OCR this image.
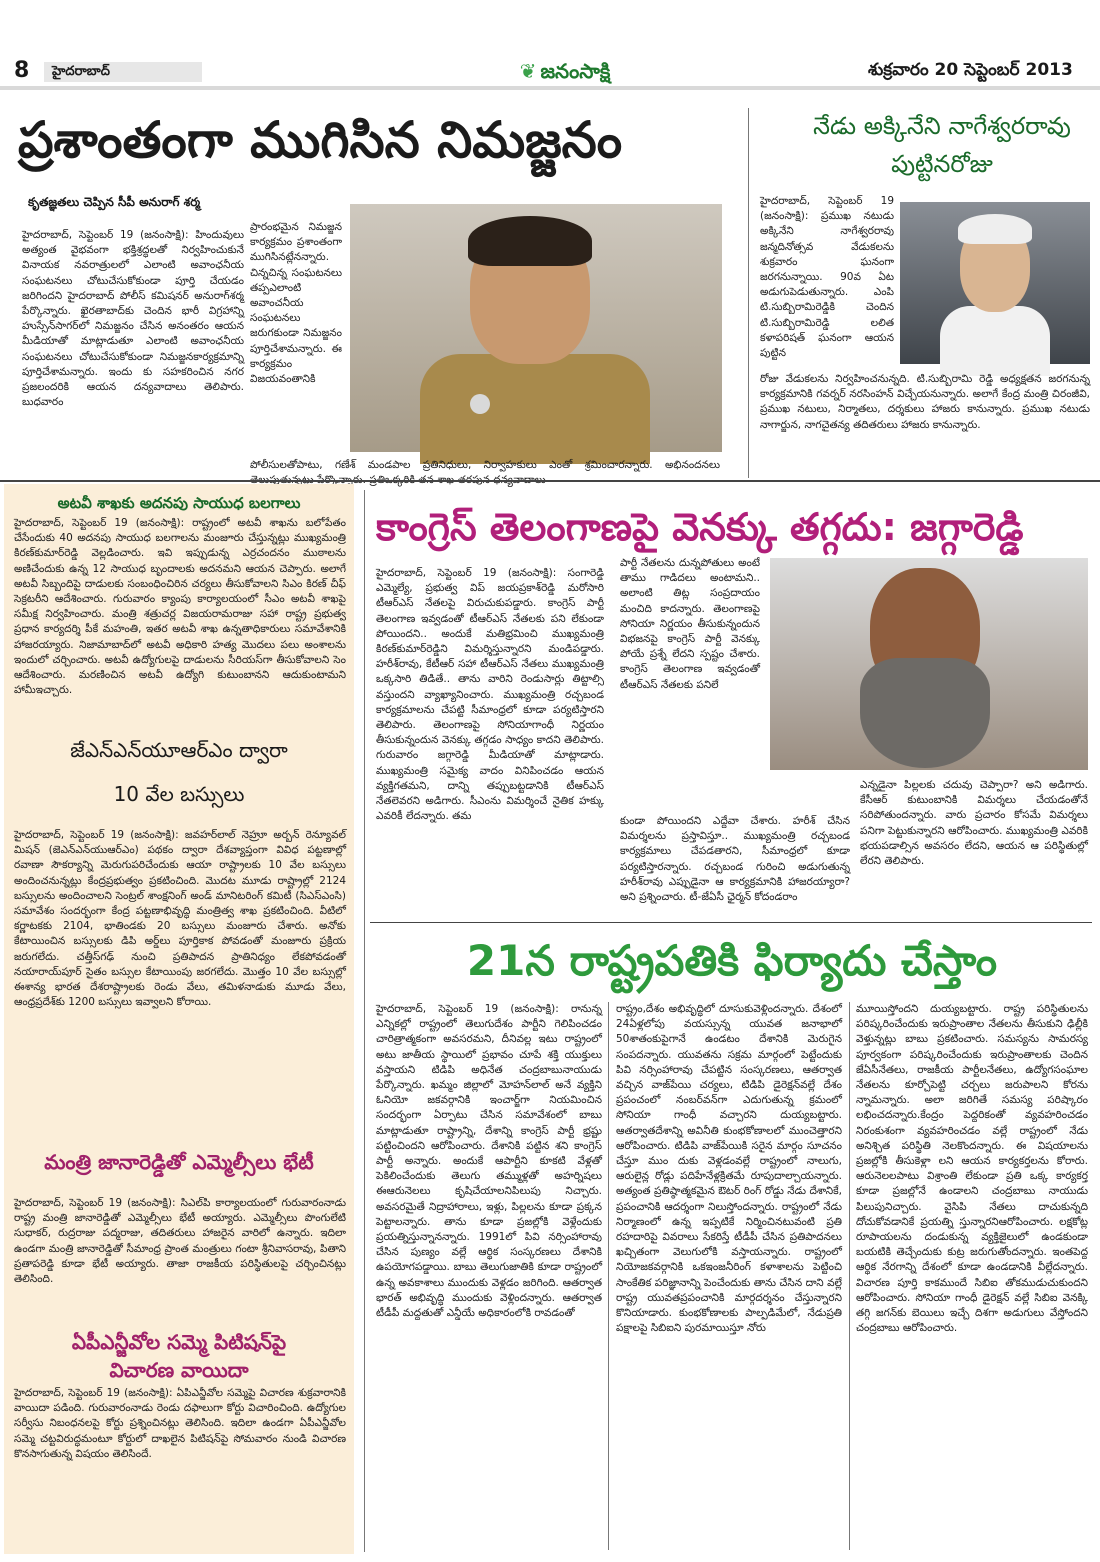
8	హైదరాబాద్	❦ జనంసాక్షి	శుక్రవారం 20 సెప్టెంబర్ 2013
ప్రశాంతంగా ముగిసిన నిమజ్జనం
కృతజ్ఞతలు చెప్పిన సీపీ అనురాగ్ శర్మ
హైదరాబాద్, సెప్టెంబర్ 19 (జనంసాక్షి): హిందువులు అత్యంత వైభవంగా భక్తిశ్రద్ధలతో నిర్వహించుకునే వినాయక నవరాత్రులలో ఎలాంటి అవాంఛనీయ సంఘటనలు చోటుచేసుకోకుండా పూర్తి చేయడం జరిగిందని హైదరాబాద్ పోలీస్ కమిషనర్ అనురాగ్‌శర్మ పేర్కొన్నారు. ఖైరతాబాద్‌కు చెందిన భారీ విగ్రహాన్ని హుస్సేన్‌సాగర్‌లో నిమజ్జనం చేసిన అనంతరం ఆయన మీడియాతో మాట్లాడుతూ ఎలాంటి అవాంఛనీయ సంఘటనలు చోటుచేసుకోకుండా నిమజ్జనకార్యక్రమాన్ని పూర్తిచేశామన్నారు. ఇందు కు సహకరించిన నగర ప్రజలందరికి ఆయన దన్యవాదాలు తెలిపారు. బుధవారం
ప్రారంభమైన నిమజ్జన కార్యక్రమం ప్రశాంతంగా ముగిసినట్లేనన్నారు. చిన్నచిన్న సంఘటనలు తప్పఎలాంటి అవాంచనీయ సంఘటనలు జరుగకుండా నిమజ్జనం పూర్తిచేశామన్నారు. ఈ కార్యక్రమం విజయవంతానికి
పోలీసులతోపాటు, గణేశ్ మండపాల ప్రతినిధులు, నిర్వాహకులు ఎంతో శ్రమించారన్నారు. అభినందనలు
నేడు అక్కినేని నాగేశ్వరరావు
పుట్టినరోజు
హైదరాబాద్, సెప్టెంబర్ 19 (జనంసాక్షి): ప్రముఖ నటుడు అక్కినేని నాగేశ్వరరావు జన్మదినోత్సవ వేడుకలను శుక్రవారం ఘనంగా జరగనున్నాయి. 90వ ఏట అడుగుపెడుతున్నారు. ఎంపి టి.సుబ్బిరామిరెడ్డికి చెందిన టి.సుబ్బిరామిరెడ్డి లలిత కళాపరిషత్ ఘనంగా ఆయన పుట్టిన
రోజు వేడుకలను నిర్వహించనున్నది. టి.సుబ్బిరామి రెడ్డి అధ్యక్షతన జరగనున్న కార్యక్రమానికి గవర్నర్ నరసింహన్ విచ్చేయనున్నారు. అలాగే కేంద్ర మంత్రి చిరంజీవి, ప్రముఖ నటులు, నిర్మాతలు, దర్శకులు హాజరు కానున్నారు. ప్రముఖ నటుడు నాగార్జున, నాగచైతన్య తదితరులు హాజరు కానున్నారు.
అటవీ శాఖకు అదనపు సాయుధ బలగాలు
హైదరాబాద్, సెప్టెంబర్ 19 (జనంసాక్షి): రాష్ట్రంలో అటవీ శాఖను బలోపేతం చేసేందుకు 40 అదనపు సాయుధ బలగాలను మంజూరు చేస్తున్నట్లు ముఖ్యమంత్రి కిరణ్‌కుమార్‌రెడ్డి వెల్లడించారు. ఇవి ఇప్పుడున్న ఎర్రచందనం ముఠాలను అణిచేందుకు ఉన్న 12 సాయుధ బృందాలకు అదనమని ఆయన చెప్పారు. అలాగే అటవీ సిబ్బందిపై దాడులకు సంబంధించిరిన చర్యలు తీసుకోవాలని సిఎం కిరణ్ చీఫ్ సెక్రటరీని ఆదేశించారు. గురువారం క్యాంపు కార్యాలయంలో సీఎం అటవీ శాఖపై సమీక్ష నిర్వహించారు. మంత్రి శత్రుచర్ల విజయరామరాజు సహా రాష్ట్ర ప్రభుత్వ ప్రధాన కార్యదర్శి పీకే మహంతి, ఇతర అటవీ శాఖ ఉన్నతాధికారులు సమావేశానికి హాజరయ్యారు. నిజామాబాద్‌లో అటవీ అధికారి హత్య మొదలు పలు అంశాలను ఇందులో చర్చించారు. అటవీ ఉద్యోగులపై దాడులను సీరియస్‌గా తీసుకోవాలని సెం ఆదేశించారు. మరణించిన అటవీ ఉద్యోగి కుటుంబానని ఆదుకుంటామని హామీఇచ్చారు.
జేఎన్ఎన్‌యూఆర్ఎం ద్వారా
10 వేల బస్సులు
హైదరాబాద్, సెప్టెంబర్ 19 (జనంసాక్షి): జవహర్‌లాల్ నెహ్రూ అర్బన్ రెన్యూవల్ మిషన్ (జెఎన్ఎన్‌యుఆర్ఎం) పథకం ద్వారా దేశవ్యాప్తంగా వివిధ పట్టణాల్లో రవాణా సౌకర్యాన్ని మెరుగుపరిచేందుకు ఆయా రాష్ట్రాలకు 10 వేల బస్సులు అందించనున్నట్లు కేంద్రప్రభుత్వం ప్రకటించింది. మొదట మూడు రాష్ట్రాల్లో 2124 బస్సులను అందించాలని సెంట్రల్ శాంక్షనింగ్ అండ్ మానిటరింగ్ కమిటీ (సిఎస్ఎంసి) సమావేశం సందర్భంగా కేంద్ర పట్టణాభివృద్ధి మంత్రిత్వ శాఖ ప్రకటించింది. వీటిలో కర్ణాటకకు 2104, భాతిండకు 20 బస్సులు మంజూరు చేశారు. అనోకు కేటాయించిన బస్సులకు డిపి అర్డ్‌లు పూర్తికాక పోవడంతో మంజూరు ప్రక్రియ జరుగలేదు. చత్తీస్‌గఢ్ నుంచి ప్రతిపాదన ప్రాతినిధ్యం లేకపోవడంతో నయారాయ్‌పూర్ సైతం బస్సుల కేటాయింపు జరగలేదు. మొత్తం 10 వేల బస్సుల్లో ఈశాన్య భారత దేశరాష్ట్రాలకు రెండు వేలు, తమిళనాడుకు మూడు వేలు, ఆంధ్రప్రదేశ్‌కు 1200 బస్సులు ఇవ్వాలని కోరాయి.
మంత్రి జానారెడ్డితో ఎమ్మెల్సీలు భేటీ
హైదరాబాద్, సెప్టెంబర్ 19 (జనంసాక్షి): సిఎల్‌పి కార్యాలయంలో గురువారంనాడు రాష్ట్ర మంత్రి జానారెడ్డితో ఎమ్మెల్సీలు భేటీ అయ్యారు. ఎమ్మెల్సీలు పొంగులేటి సుధాకర్, రుద్రరాజు పద్మరాజు, తదితరులు హాజరైన వారిలో ఉన్నారు. ఇదిలా ఉండగా మంత్రి జానారెడ్డితో సీమాంధ్ర ప్రాంత మంత్రులు గంటా శ్రీనివాసరావు, పితాని ప్రతాపరెడ్డి కూడా భేటీ అయ్యారు. తాజా రాజకీయ పరిస్థితులపై చర్చించినట్లు తెలిసింది.
ఏపీఎన్జీవోల సమ్మె పిటిషన్‌పై
విచారణ వాయిదా
హైదరాబాద్, సెప్టెంబర్ 19 (జనంసాక్షి): ఏపిఎన్జీవోల సమ్మెపై విచారణ శుక్రవారానికి వాయిదా పడింది. గురువారంనాడు రెండు దఫాలుగా కోర్టు విచారించింది. ఉద్యోగుల సర్వీసు నిబంధనలపై కోర్టు ప్రశ్నించినట్లు తెలిసింది. ఇదిలా ఉండగా ఏపీఎన్జీవోల సమ్మె చట్టవిరుద్ధమంటూ కోర్టులో దాఖలైన పిటిషన్‌పై సోమవారం నుండి విచారణ కొనసాగుతున్న విషయం తెలిసిందే.
కాంగ్రెస్ తెలంగాణపై వెనక్కు తగ్గదు: జగ్గారెడ్డి
హైదరాబాద్, సెప్టెంబర్ 19 (జనంసాక్షి): సంగారెడ్డి ఎమ్మెల్యే, ప్రభుత్వ విప్ జయప్రకాశ్‌రెడ్డి మరోసారి టీఆర్ఎస్ నేతలపై విరుచుకుపడ్డారు. కాంగ్రెస్ పార్టీ తెలంగాణ ఇవ్వడంతో టీఆర్ఎస్ నేతలకు పని లేకుండా పోయిందని.. అందుకే మతిభ్రమించి ముఖ్యమంత్రి కిరణ్‌కుమార్‌రెడ్డిని విమర్శిస్తున్నారని మండిపడ్డారు. హరీశ్‌రావు, కేటీఆర్ సహా టీఆర్ఎస్ నేతలు ముఖ్యమంత్రి ఒక్కసారి తిడితే.. తాను వారిని రెండుసార్లు తిట్టాల్సి వస్తుందని వ్యాఖ్యానించారు. ముఖ్యమంత్రి రచ్చబండ కార్యక్రమాలను చేపట్టి సీమాంధ్రలో కూడా పర్యటిస్తారని తెలిపారు. తెలంగాణపై సోనియాగాంధీ నిర్ణయం తీసుకున్నందున వెనక్కు తగ్గడం సాధ్యం కాదని తెలిపారు. గురువారం జగ్గారెడ్డి మీడియాతో మాట్లాడారు. ముఖ్యమంత్రి సమైక్య వాదం వినిపించడం ఆయన వ్యక్తిగతమని, దాన్ని తప్పుబట్టడానికి టీఆర్ఎస్ నేతలెవరని అడిగారు. సీఎంను విమర్శించే నైతిక హక్కు ఎవరికీ లేదన్నారు. తమ
పార్టీ నేతలను దున్నపోతులు అంటే తాము గాడిదలు అంటామని.. అలాంటి తిట్ల సంప్రదాయం మంచిది కాదన్నారు. తెలంగాణపై సోనియా నిర్ణయం తీసుకున్నందున విభజనపై కాంగ్రెస్ పార్టీ వెనక్కు పోయే ప్రశ్నే లేదని స్పష్టం చేశారు. కాంగ్రెస్ తెలంగాణ ఇవ్వడంతో టీఆర్ఎస్ నేతలకు పనిలే
కుండా పోయిందని ఎద్దేవా చేశారు. హరీశ్ చేసిన విమర్శలను ప్రస్తావిస్తూ.. ముఖ్యమంత్రి రచ్చబండ కార్యక్రమాలు చేపడతారని, సీమాంధ్రలో కూడా పర్యటిస్తారన్నారు. రచ్చబండ గురించి అడుగుతున్న హరీశ్‌రావు ఎప్పుడైనా ఆ కార్యక్రమానికి హాజరయ్యారా? అని ప్రశ్నించారు. టీ-జేఏసీ ఛైర్మన్ కోదండరాం
ఎన్నడైనా పిల్లలకు చదువు చెప్పారా? అని అడిగారు. కేసీఆర్ కుటుంబానికి విమర్శలు చేయడంతోనే సరిపోతుందన్నారు. వారు ప్రచారం కోసమే విమర్శలు పనిగా పెట్టుకున్నారని ఆరోపించారు. ముఖ్యమంత్రి ఎవరికి భయపడాల్సిన అవసరం లేదని, ఆయన ఆ పరిస్థితుల్లో లేరని తెలిపారు.
21న రాష్ట్రపతికి ఫిర్యాదు చేస్తాం
హైదరాబాద్, సెప్టెంబర్ 19 (జనంసాక్షి): రానున్న ఎన్నికల్లో రాష్ట్రంలో తెలుగుదేశం పార్టీని గెలిపించడం చారిత్రాత్మకంగా అవసరమని, దీనివల్ల ఇటు రాష్ట్రంలో అటు జాతీయ స్థాయిలో ప్రభావం చూపే శక్తి యుక్తులు వస్తాయని టిడిపి అధినేత చంద్రబాబునాయుడు పేర్కొన్నారు. ఖమ్మం జిల్లాలో మోహన్‌లాల్ అనే వ్యక్తిని ఓనియో జకవర్గానికి ఇంచార్జ్‌గా నియమించిన సందర్భంగా ఏర్పాటు చేసిన సమావేశంలో బాబు మాట్లాడుతూ రాష్ట్రాన్ని, దేశాన్ని కాంగ్రెస్ పార్టీ భ్రష్టు పట్టించిందని ఆరోపించారు. దేశానికి పట్టిన శని కాంగ్రెస్ పార్టీ అన్నారు. అందుకే ఆపార్టీని కూకటి వేళ్లతో పెకిలించేందుకు తెలుగు తమ్ముళ్లతో అహర్నిషలు ఈఆరునెలలు కృషిచేయాలనిపిలుపు నిచ్చారు. అవసరమైతే నిద్రాహారాలు, ఇళ్లు, పిల్లలను కూడా ప్రక్కన పెట్టాలన్నారు. తాను కూడా ప్రజల్లోకి వెళ్లేందుకు ప్రయత్నిస్తున్నానన్నారు. 1991లో పివి నర్సింహారావు చేసిన పుణ్యం వల్లే ఆర్థిక సంస్కరణలు దేశానికి ఉపయోగపడ్డాయి. బాబు తెలుగుజాతికి కూడా రాష్ట్రంలో ఉన్న అవకాశాలు ముందుకు వెళ్లడం జరిగింది. ఆతర్వాత భారత్ అభివృద్ధి ముందుకు వెళ్లిందన్నారు. ఆతర్వాత టీడీపీ మద్దతుతో ఎన్డీయే అధికారంలోకి రావడంతో
రాష్ట్రం,దేశం అభివృద్ధిలో దూసుకువెళ్లిందన్నారు. దేశంలో 24ఏళ్లలోపు వయస్సున్న యువత జనాభాలో 50శాతంకుపైగానే ఉండటం దేశానికి మెరుగైన సంపదన్నారు. యువతను సక్రమ మార్గంలో పెట్టేందుకు పివి నర్సింహారావు చేపట్టిన సంస్కరణలు, ఆతర్వాత వచ్చిన వాజ్‌పేయి చర్యలు, టిడిపి డైరెక్షన్‌వల్లే దేశం ప్రపంచంలో నంబర్‌వన్‌గా ఎదుగుతున్న క్రమంలో సోనియా గాంధీ వచ్చారని దుయ్యబట్టారు. ఆతర్వాతదేశాన్ని అవినీతి కుంభకోణాలలో ముంచెత్తారని ఆరోపించారు. టిడిపి వాజ్‌పేయికి సరైన మార్గం సూచనం చేస్తూ ముం దుకు వెళ్లడంవల్లే రాష్ట్రంలో నాలుగు, ఆరులైన్ల రోడ్లు పదిహేనేళ్లక్రితమే రూపుదాల్చాయన్నారు. అత్యంత ప్రతిష్ఠాత్మకమైన ఔటర్ రింగ్ రోడ్డు నేడు దేశానికే, ప్రపంచానికి ఆదర్శంగా నిలుస్తోందన్నారు. రాష్ట్రంలో నేడు నిర్మాణంలో ఉన్న ఇప్పటికే నిర్మించినటువంటి ప్రతి రహదారిపై వివరాలు సేకరిస్తే టీడీపీ చేసిన ప్రతిపాదనలు ఖచ్చితంగా వెలుగులోకి వస్తాయన్నారు. రాష్ట్రంలో నియోజకవర్గానికి ఒకఇంజనీరింగ్ కళాశాలను పెట్టించి సాంకేతిక పరిజ్ఞానాన్ని పెంచేందుకు తాను చేసిన దాని వల్లే రాష్ట్ర యువతప్రపంచానికి మార్గదర్శనం చేస్తున్నారని కొనియాడారు. కుంభకోణాలకు పాల్పడిమేలో, నేడుప్రతి పక్షాలపై సిబిఐని పురమాయిస్తూ నోరు
మూయిస్తోందని దుయ్యబట్టారు. రాష్ట్ర పరిస్థితులను పరిష్కరించేందుకు ఇరుప్రాంతాల నేతలను తీసుకుని ఢిల్లీకి వెళ్తున్నట్లు బాబు ప్రకటించారు. సమస్యను సామరస్య పూర్వకంగా పరిష్కరించేందుకు ఇరుప్రాంతాలకు చెందిన జేఏసీనేతలు, రాజకీయ పార్టీలనేతలు, ఉద్యోగసంఘాల నేతలను కూర్చోపెట్టి చర్చలు జరుపాలని కోరను న్నామన్నారు. అలా జరిగితే సమస్య పరిష్కారం లభించదన్నారు.కేంద్రం పెద్దరికంతో వ్యవహరించడం నిరంకుశంగా వ్యవహరించడం వల్లే రాష్ట్రంలో నేడు అనిశ్చిత పరిస్థితి నెలకొందన్నారు. ఈ విషయాలను ప్రజల్లోకి తీసుకెళ్లా లని ఆయన కార్యకర్తలను కోరారు. ఆరునెలలపాటు విశ్రాంతి లేకుండా ప్రతి ఒక్క కార్యకర్త కూడా ప్రజల్లోనే ఉండాలని చంద్రబాబు నాయుడు పిలుపునిచ్చారు. వైసిపి నేతలు దాచుకున్నది దోచుకోవడానికే ప్రయత్ని స్తున్నారనిఆరోపించారు. లక్షకోట్ల రూపాయలను దండుకున్న వ్యక్తిజైలులో ఉండకుండా బయటికి తెచ్చేందుకు కుట్ర జరుగుతోందన్నారు. ఇంతపెద్ద ఆర్థిక నేరగాన్ని దేశంలో కూడా ఉండడానికి వీల్లేదన్నారు. విచారణ పూర్తి కాకముందే సిబిఐ తోకముడుచుకుందని ఆరోపించారు. సోనియా గాంధీ డైరెక్షన్ వల్లే సిబిఐ వెనక్కి తగ్గి జగన్‌కు బెయిలు ఇచ్చే దిశగా అడుగులు వేస్తోందని చంద్రబాబు ఆరోపించారు.
